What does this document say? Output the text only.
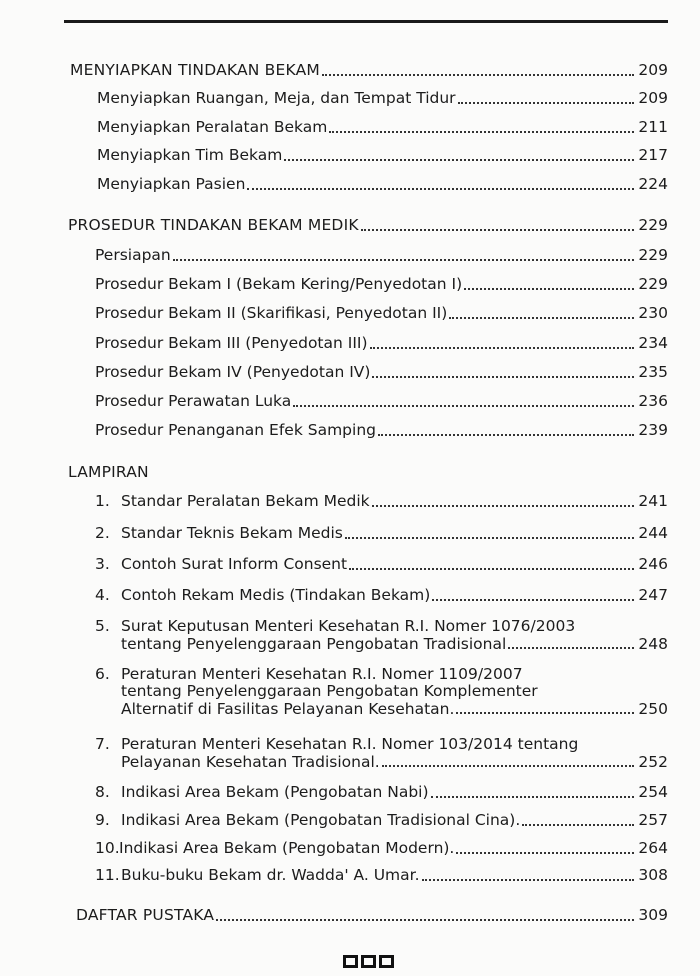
MENYIAPKAN TINDAKAN BEKAM	209
Menyiapkan Ruangan, Meja, dan Tempat Tidur	209
Menyiapkan Peralatan Bekam	211
Menyiapkan Tim Bekam	217
Menyiapkan Pasien	224
PROSEDUR TINDAKAN BEKAM MEDIK	229
Persiapan	229
Prosedur Bekam I (Bekam Kering/Penyedotan I)	229
Prosedur Bekam II (Skarifikasi, Penyedotan II)	230
Prosedur Bekam III (Penyedotan III)	234
Prosedur Bekam IV (Penyedotan IV)	235
Prosedur Perawatan Luka	236
Prosedur Penanganan Efek Samping	239
LAMPIRAN
1. Standar Peralatan Bekam Medik	241
2. Standar Teknis Bekam Medis	244
3. Contoh Surat Inform Consent	246
4. Contoh Rekam Medis (Tindakan Bekam)	247
5. Surat Keputusan Menteri Kesehatan R.I. Nomer 1076/2003
tentang Penyelenggaraan Pengobatan Tradisional	248
6. Peraturan Menteri Kesehatan R.I. Nomer 1109/2007
tentang Penyelenggaraan Pengobatan Komplementer
Alternatif di Fasilitas Pelayanan Kesehatan.	250
7. Peraturan Menteri Kesehatan R.I. Nomer 103/2014 tentang
Pelayanan Kesehatan Tradisional.	252
8. Indikasi Area Bekam (Pengobatan Nabi)	254
9. Indikasi Area Bekam (Pengobatan Tradisional Cina).	257
10. Indikasi Area Bekam (Pengobatan Modern).	264
11. Buku-buku Bekam dr. Wadda' A. Umar.	308
DAFTAR PUSTAKA	309
